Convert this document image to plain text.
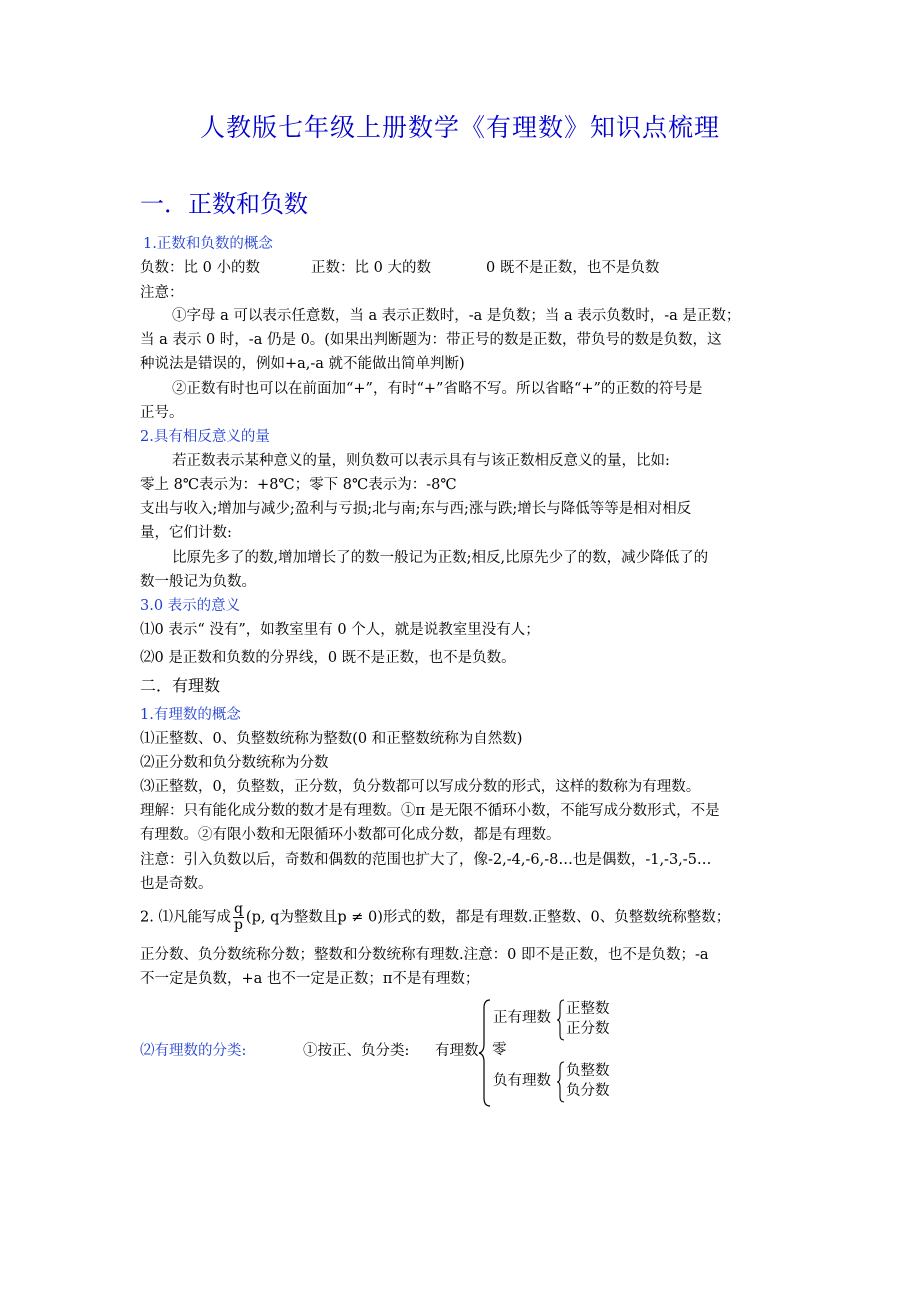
人教版七年级上册数学《有理数》知识点梳理
一．正数和负数
1.正数和负数的概念
负数：比 0 小的数	正数：比 0 大的数	0 既不是正数，也不是负数
注意：
①字母 a 可以表示任意数，当 a 表示正数时，-a 是负数；当 a 表示负数时，-a 是正数；
当 a 表示 0 时，-a 仍是 0。(如果出判断题为：带正号的数是正数，带负号的数是负数，这
种说法是错误的，例如+a,-a 就不能做出简单判断)
②正数有时也可以在前面加“+”，有时“+”省略不写。所以省略“+”的正数的符号是
正号。
2.具有相反意义的量
若正数表示某种意义的量，则负数可以表示具有与该正数相反意义的量，比如:
零上 8℃表示为：+8℃；零下 8℃表示为：-8℃
支出与收入;增加与减少;盈利与亏损;北与南;东与西;涨与跌;增长与降低等等是相对相反
量，它们计数:
比原先多了的数,增加增长了的数一般记为正数;相反,比原先少了的数，减少降低了的
数一般记为负数。
3.0 表示的意义
⑴0 表示“ 没有”，如教室里有 0 个人，就是说教室里没有人；
⑵0 是正数和负数的分界线，0 既不是正数，也不是负数。
二．有理数
1.有理数的概念
⑴正整数、0、负整数统称为整数(0 和正整数统称为自然数)
⑵正分数和负分数统称为分数
⑶正整数，0，负整数，正分数，负分数都可以写成分数的形式，这样的数称为有理数。
理解：只有能化成分数的数才是有理数。①π 是无限不循环小数，不能写成分数形式，不是
有理数。②有限小数和无限循环小数都可化成分数，都是有理数。
注意：引入负数以后，奇数和偶数的范围也扩大了，像-2,-4,-6,-8…也是偶数，-1,-3,-5…
也是奇数。
2. ⑴凡能写成 $\frac{q}{p} (p$, q为整数且p ≠ 0)形式的数，都是有理数.正整数、0、负整数统称整数；
正分数、负分数统称分数；整数和分数统称有理数.注意：0 即不是正数，也不是负数；-a
不一定是负数，+a 也不一定是正数；π不是有理数；
⑵有理数的分类:	①按正、负分类: 有理数
正有理数
正整数
正分数
零
负有理数
负整数
负分数
